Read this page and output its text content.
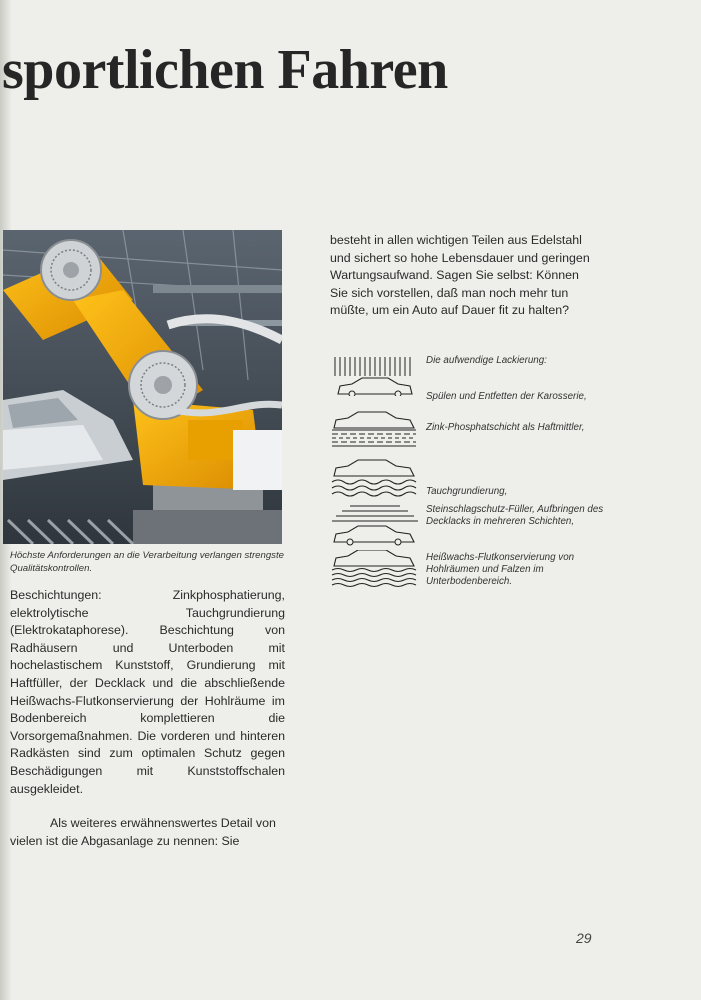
sportlichen Fahren

Höchste Anforderungen an die Verarbeitung verlangen strengste Qualitätskontrollen.

Beschichtungen: Zinkphosphatierung, elektrolytische Tauchgrundierung (Elektrokataphorese). Beschichtung von Radhäusern und Unterboden mit hochelastischem Kunststoff, Grundierung mit Haftfüller, der Decklack und die abschließende Heißwachs-Flutkonservierung der Hohlräume im Bodenbereich komplettieren die Vorsorgemaßnahmen. Die vorderen und hinteren Radkästen sind zum optimalen Schutz gegen Beschädigungen mit Kunststoffschalen ausgekleidet.

Als weiteres erwähnenswertes Detail von vielen ist die Abgasanlage zu nennen: Sie

besteht in allen wichtigen Teilen aus Edelstahl und sichert so hohe Lebensdauer und geringen Wartungsaufwand. Sagen Sie selbst: Können Sie sich vorstellen, daß man noch mehr tun müßte, um ein Auto auf Dauer fit zu halten?

Die aufwendige Lackierung:
Spülen und Entfetten der Karosserie,
Zink-Phosphatschicht als Haftmittler,
Tauchgrundierung,
Steinschlagschutz-Füller, Aufbringen des Decklacks in mehreren Schichten,
Heißwachs-Flutkonservierung von Hohlräumen und Falzen im Unterbodenbereich.
29
